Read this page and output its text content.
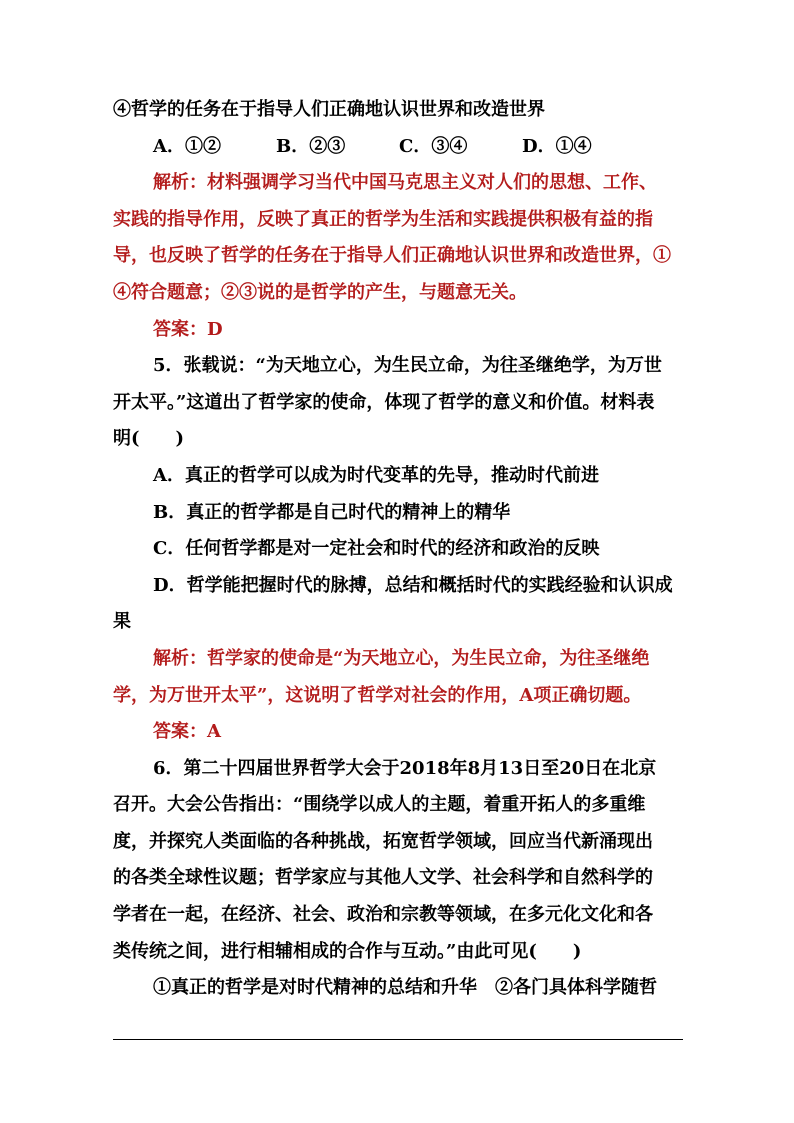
④哲学的任务在于指导人们正确地认识世界和改造世界
A．①②	B．②③	C．③④	D．①④
解析：材料强调学习当代中国马克思主义对人们的思想、工作、
实践的指导作用，反映了真正的哲学为生活和实践提供积极有益的指
导，也反映了哲学的任务在于指导人们正确地认识世界和改造世界，①
④符合题意；②③说的是哲学的产生，与题意无关。
答案：D
5．张载说：“为天地立心，为生民立命，为往圣继绝学，为万世
开太平。”这道出了哲学家的使命，体现了哲学的意义和价值。材料表
明(　　)
A．真正的哲学可以成为时代变革的先导，推动时代前进
B．真正的哲学都是自己时代的精神上的精华
C．任何哲学都是对一定社会和时代的经济和政治的反映
D．哲学能把握时代的脉搏，总结和概括时代的实践经验和认识成
果
解析：哲学家的使命是“为天地立心，为生民立命，为往圣继绝
学，为万世开太平”，这说明了哲学对社会的作用，A项正确切题。
答案：A
6．第二十四届世界哲学大会于2018年8月13日至20日在北京
召开。大会公告指出：“围绕学以成人的主题，着重开拓人的多重维
度，并探究人类面临的各种挑战，拓宽哲学领域，回应当代新涌现出
的各类全球性议题；哲学家应与其他人文学、社会科学和自然科学的
学者在一起，在经济、社会、政治和宗教等领域，在多元化文化和各
类传统之间，进行相辅相成的合作与互动。”由此可见(　　)
①真正的哲学是对时代精神的总结和升华　②各门具体科学随哲
